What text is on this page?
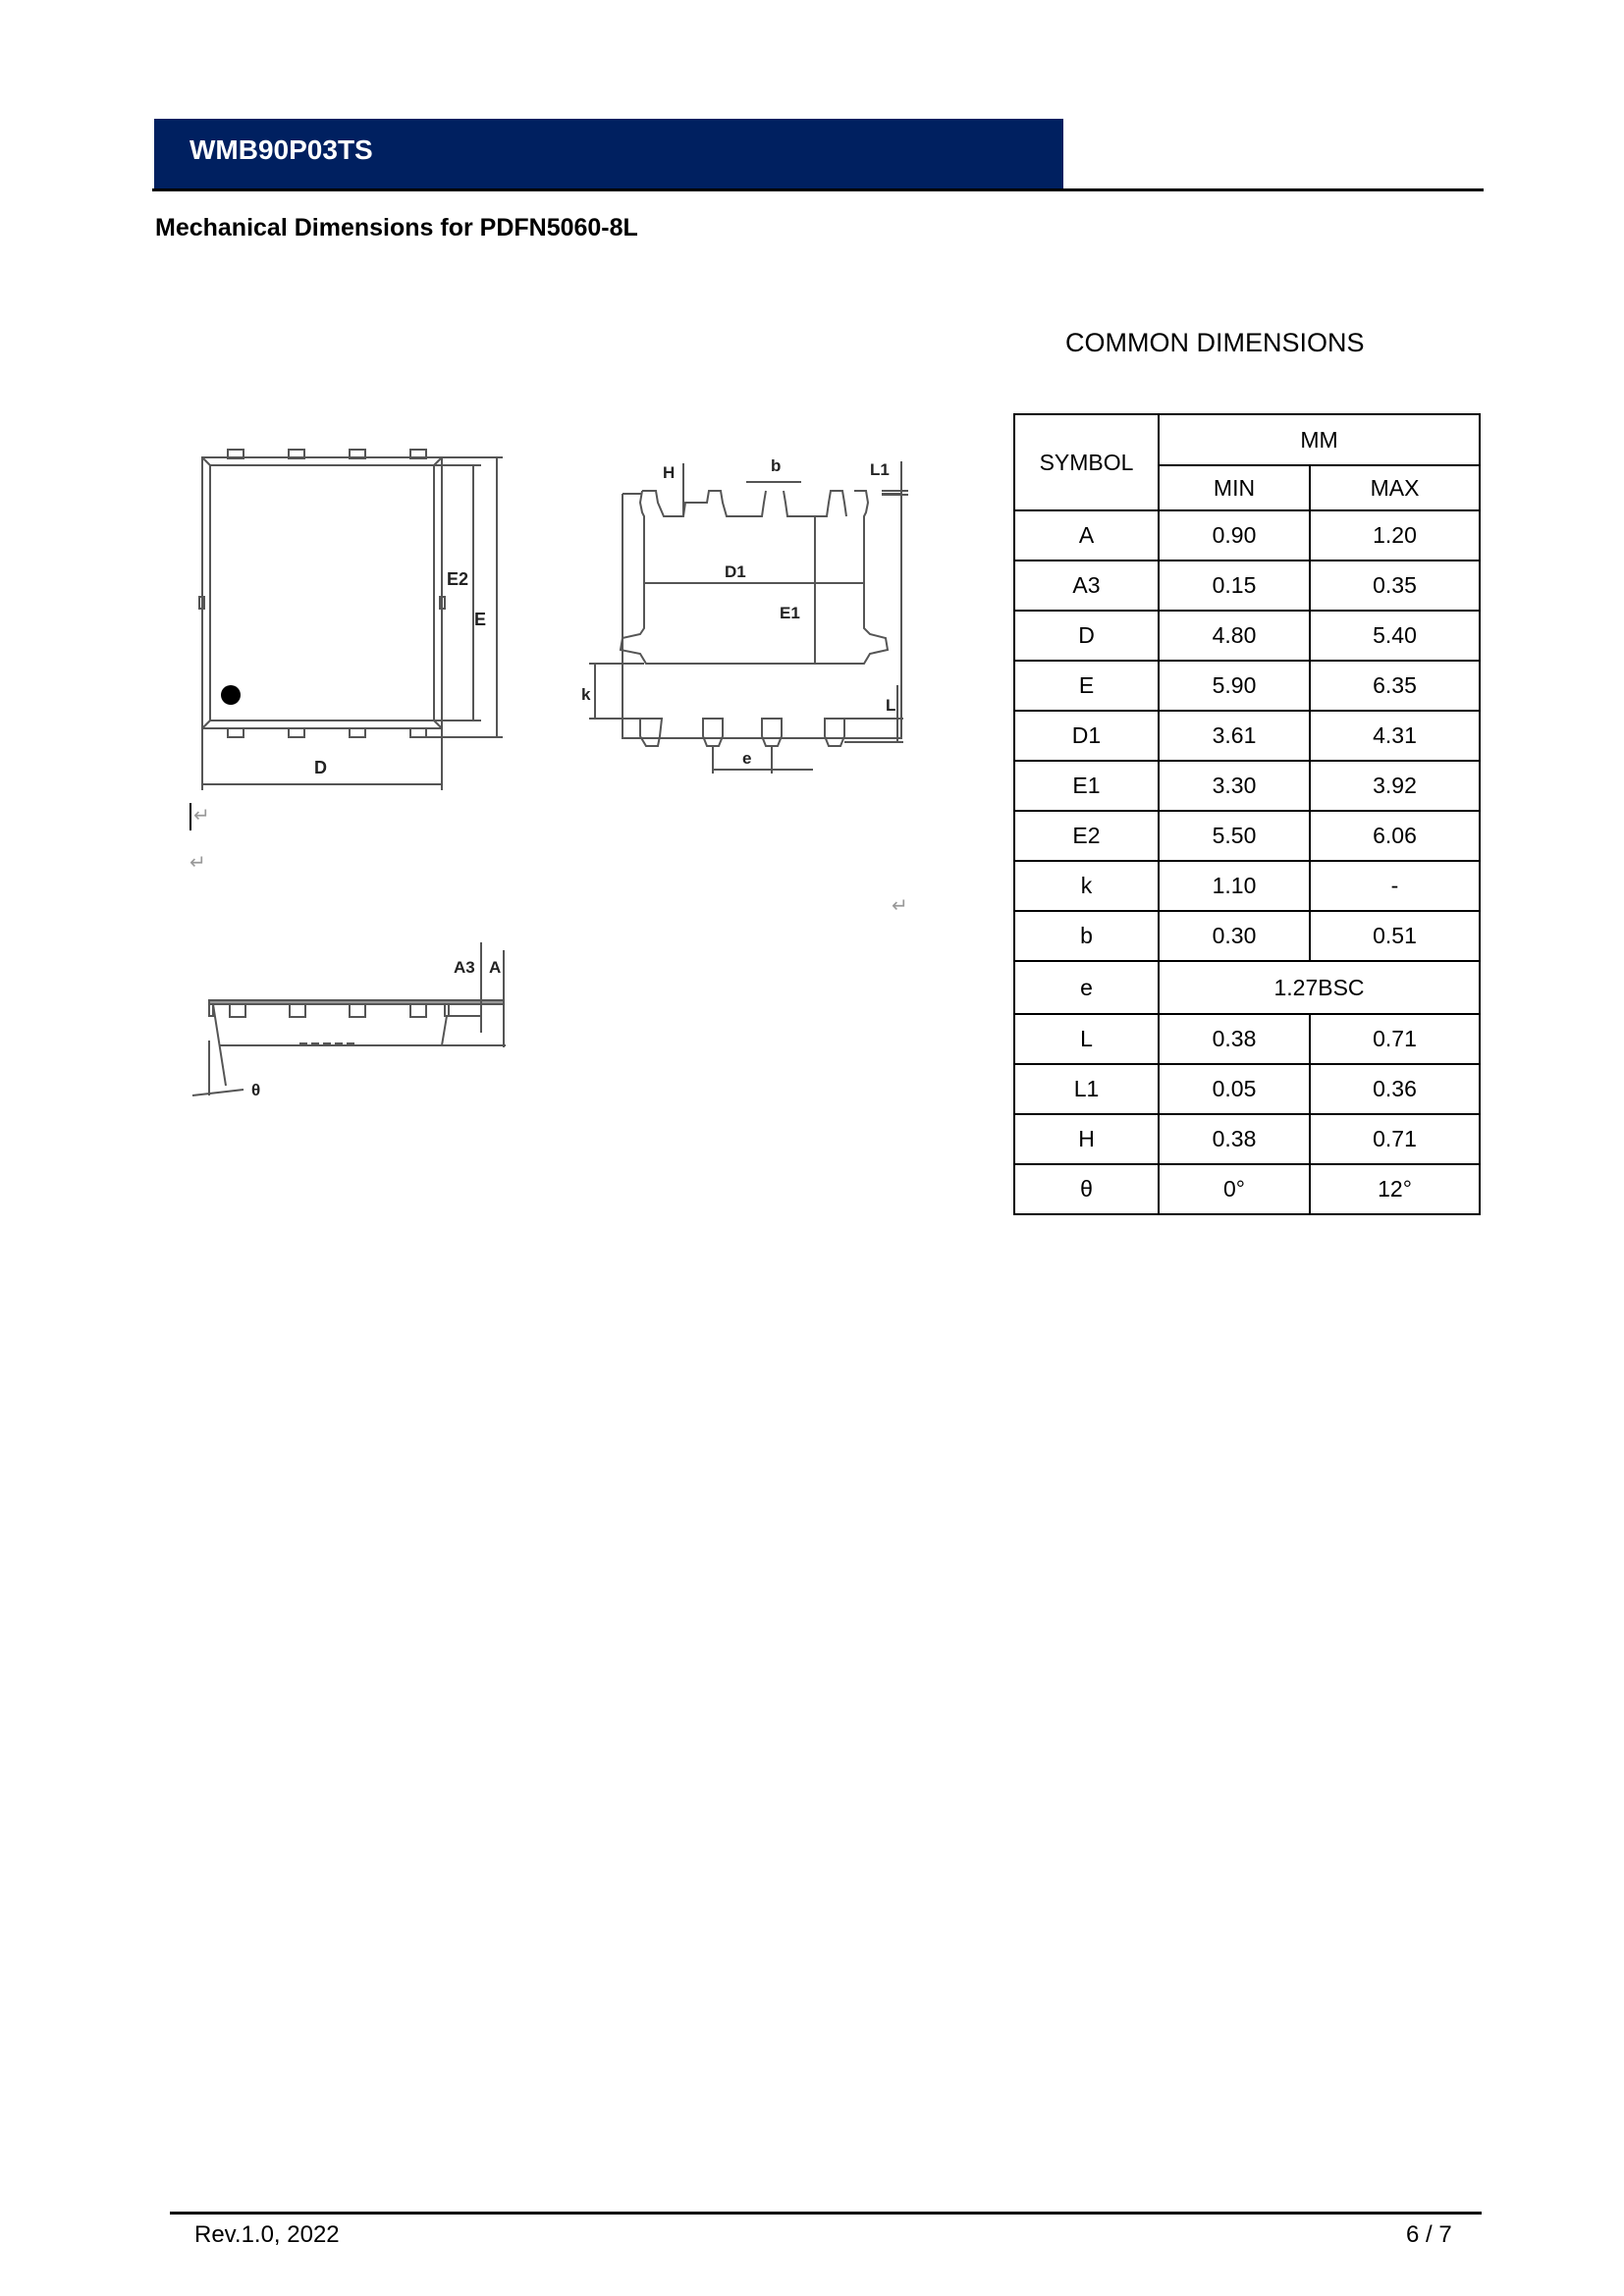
WMB90P03TS
Mechanical Dimensions for PDFN5060-8L
E2
E
D
H	b	L1
D1
E1
k
L
e
↵
↵
↵
A3 A
θ
COMMON DIMENSIONS
SYMBOL	MM	
	MIN	MAX
A	0.90	1.20
A3	0.15	0.35
D	4.80	5.40
E	5.90	6.35
D1	3.61	4.31
E1	3.30	3.92
E2	5.50	6.06
k	1.10	-
b	0.30	0.51
e	1.27BSC	
L	0.38	0.71
L1	0.05	0.36
H	0.38	0.71
θ	0°	12°
Rev.1.0, 2022	6 / 7
